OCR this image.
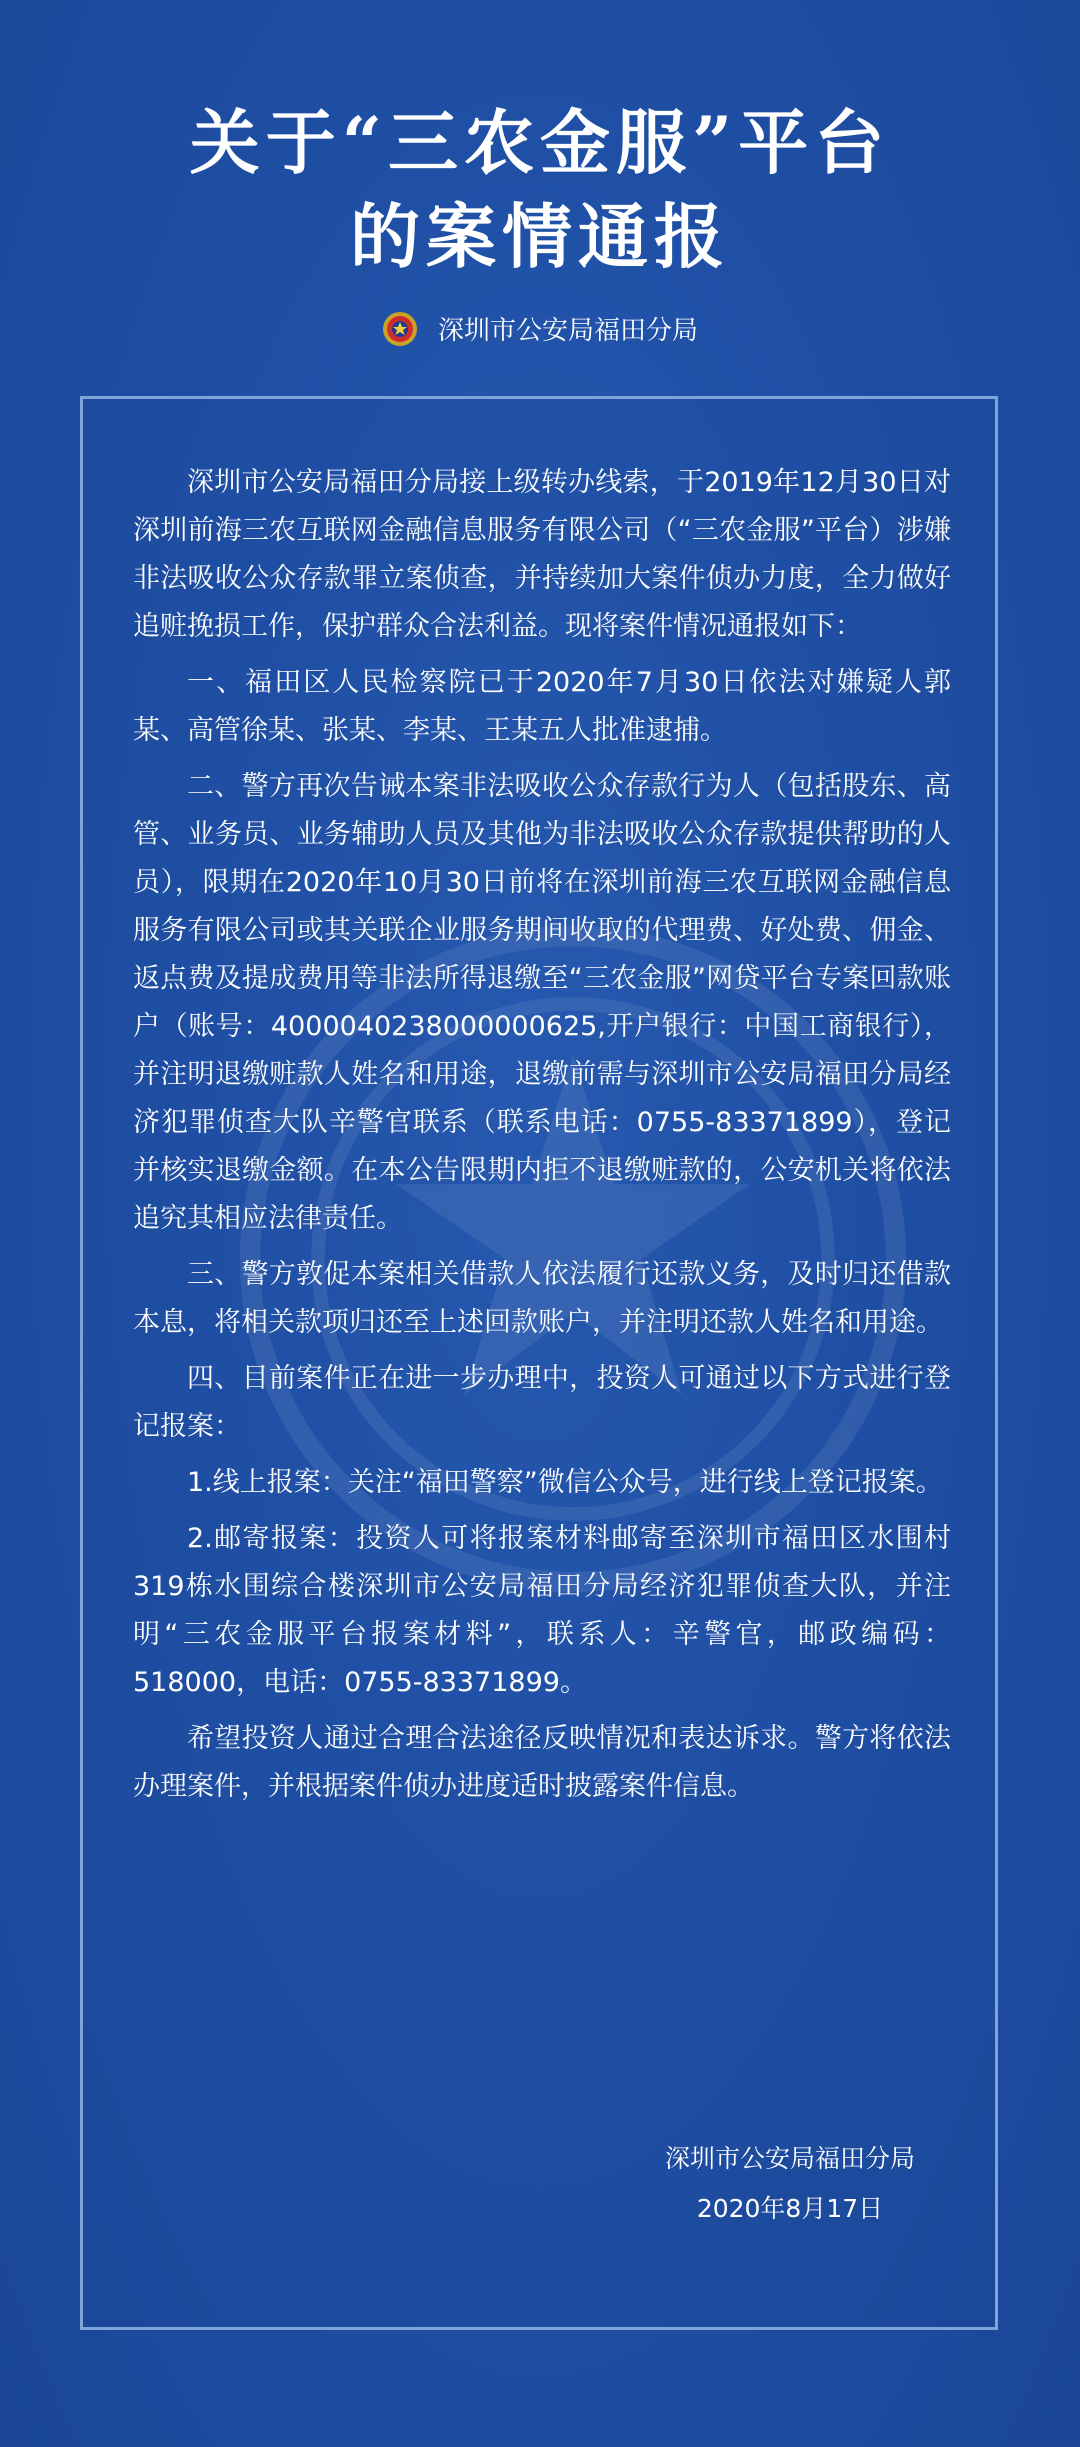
关于“三农金服”平台
的案情通报
深圳市公安局福田分局

深圳市公安局福田分局接上级转办线索，于2019年12月30日对深圳前海三农互联网金融信息服务有限公司（“三农金服”平台）涉嫌非法吸收公众存款罪立案侦查，并持续加大案件侦办力度，全力做好追赃挽损工作，保护群众合法利益。现将案件情况通报如下：

一、福田区人民检察院已于2020年7月30日依法对嫌疑人郭某、高管徐某、张某、李某、王某五人批准逮捕。

二、警方再次告诫本案非法吸收公众存款行为人（包括股东、高管、业务员、业务辅助人员及其他为非法吸收公众存款提供帮助的人员），限期在2020年10月30日前将在深圳前海三农互联网金融信息服务有限公司或其关联企业服务期间收取的代理费、好处费、佣金、返点费及提成费用等非法所得退缴至“三农金服”网贷平台专案回款账户（账号：4000040238000000625,开户银行：中国工商银行），并注明退缴赃款人姓名和用途，退缴前需与深圳市公安局福田分局经济犯罪侦查大队辛警官联系（联系电话：0755-83371899），登记并核实退缴金额。在本公告限期内拒不退缴赃款的，公安机关将依法追究其相应法律责任。

三、警方敦促本案相关借款人依法履行还款义务，及时归还借款本息，将相关款项归还至上述回款账户，并注明还款人姓名和用途。

四、目前案件正在进一步办理中，投资人可通过以下方式进行登记报案：

1.线上报案：关注“福田警察”微信公众号，进行线上登记报案。

2.邮寄报案：投资人可将报案材料邮寄至深圳市福田区水围村319栋水围综合楼深圳市公安局福田分局经济犯罪侦查大队，并注明“三农金服平台报案材料”，联系人：辛警官，邮政编码：518000，电话：0755-83371899。

希望投资人通过合理合法途径反映情况和表达诉求。警方将依法办理案件，并根据案件侦办进度适时披露案件信息。

深圳市公安局福田分局
2020年8月17日
